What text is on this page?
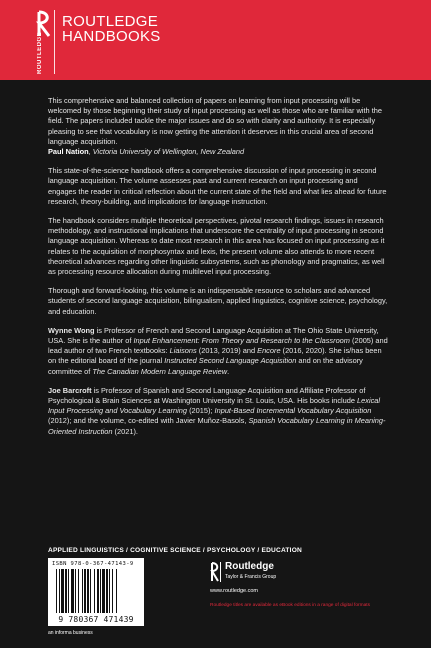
ROUTLEDGE
ROUTLEDGE
HANDBOOKS

This comprehensive and balanced collection of papers on learning from input processing will be welcomed by those beginning their study of input processing as well as those who are familiar with the field. The papers included tackle the major issues and do so with clarity and authority. It is especially pleasing to see that vocabulary is now getting the attention it deserves in this crucial area of second language acquisition.

Paul Nation, Victoria University of Wellington, New Zealand

This state-of-the-science handbook offers a comprehensive discussion of input processing in second language acquisition. The volume assesses past and current research on input processing and engages the reader in critical reflection about the current state of the field and what lies ahead for future research, theory-building, and implications for language instruction.

The handbook considers multiple theoretical perspectives, pivotal research findings, issues in research methodology, and instructional implications that underscore the centrality of input processing in second language acquisition. Whereas to date most research in this area has focused on input processing as it relates to the acquisition of morphosyntax and lexis, the present volume also attends to more recent theoretical advances regarding other linguistic subsystems, such as phonology and pragmatics, as well as processing resource allocation during multilevel input processing.

Thorough and forward-looking, this volume is an indispensable resource to scholars and advanced students of second language acquisition, bilingualism, applied linguistics, cognitive science, psychology, and education.

Wynne Wong is Professor of French and Second Language Acquisition at The Ohio State University, USA. She is the author of Input Enhancement: From Theory and Research to the Classroom (2005) and lead author of two French textbooks: Liaisons (2013, 2019) and Encore (2016, 2020). She is/has been on the editorial board of the journal Instructed Second Language Acquisition and on the advisory committee of The Canadian Modern Language Review.

Joe Barcroft is Professor of Spanish and Second Language Acquisition and Affiliate Professor of Psychological & Brain Sciences at Washington University in St. Louis, USA. His books include Lexical Input Processing and Vocabulary Learning (2015); Input-Based Incremental Vocabulary Acquisition (2012); and the volume, co-edited with Javier Muñoz-Basols, Spanish Vocabulary Learning in Meaning-Oriented Instruction (2021).

APPLIED LINGUISTICS / COGNITIVE SCIENCE / PSYCHOLOGY / EDUCATION
ISBN 978-0-367-47143-9
9 780367 471439
an informa business
Routledge
Taylor & Francis Group
www.routledge.com
Routledge titles are available as eBook editions in a range of digital formats
